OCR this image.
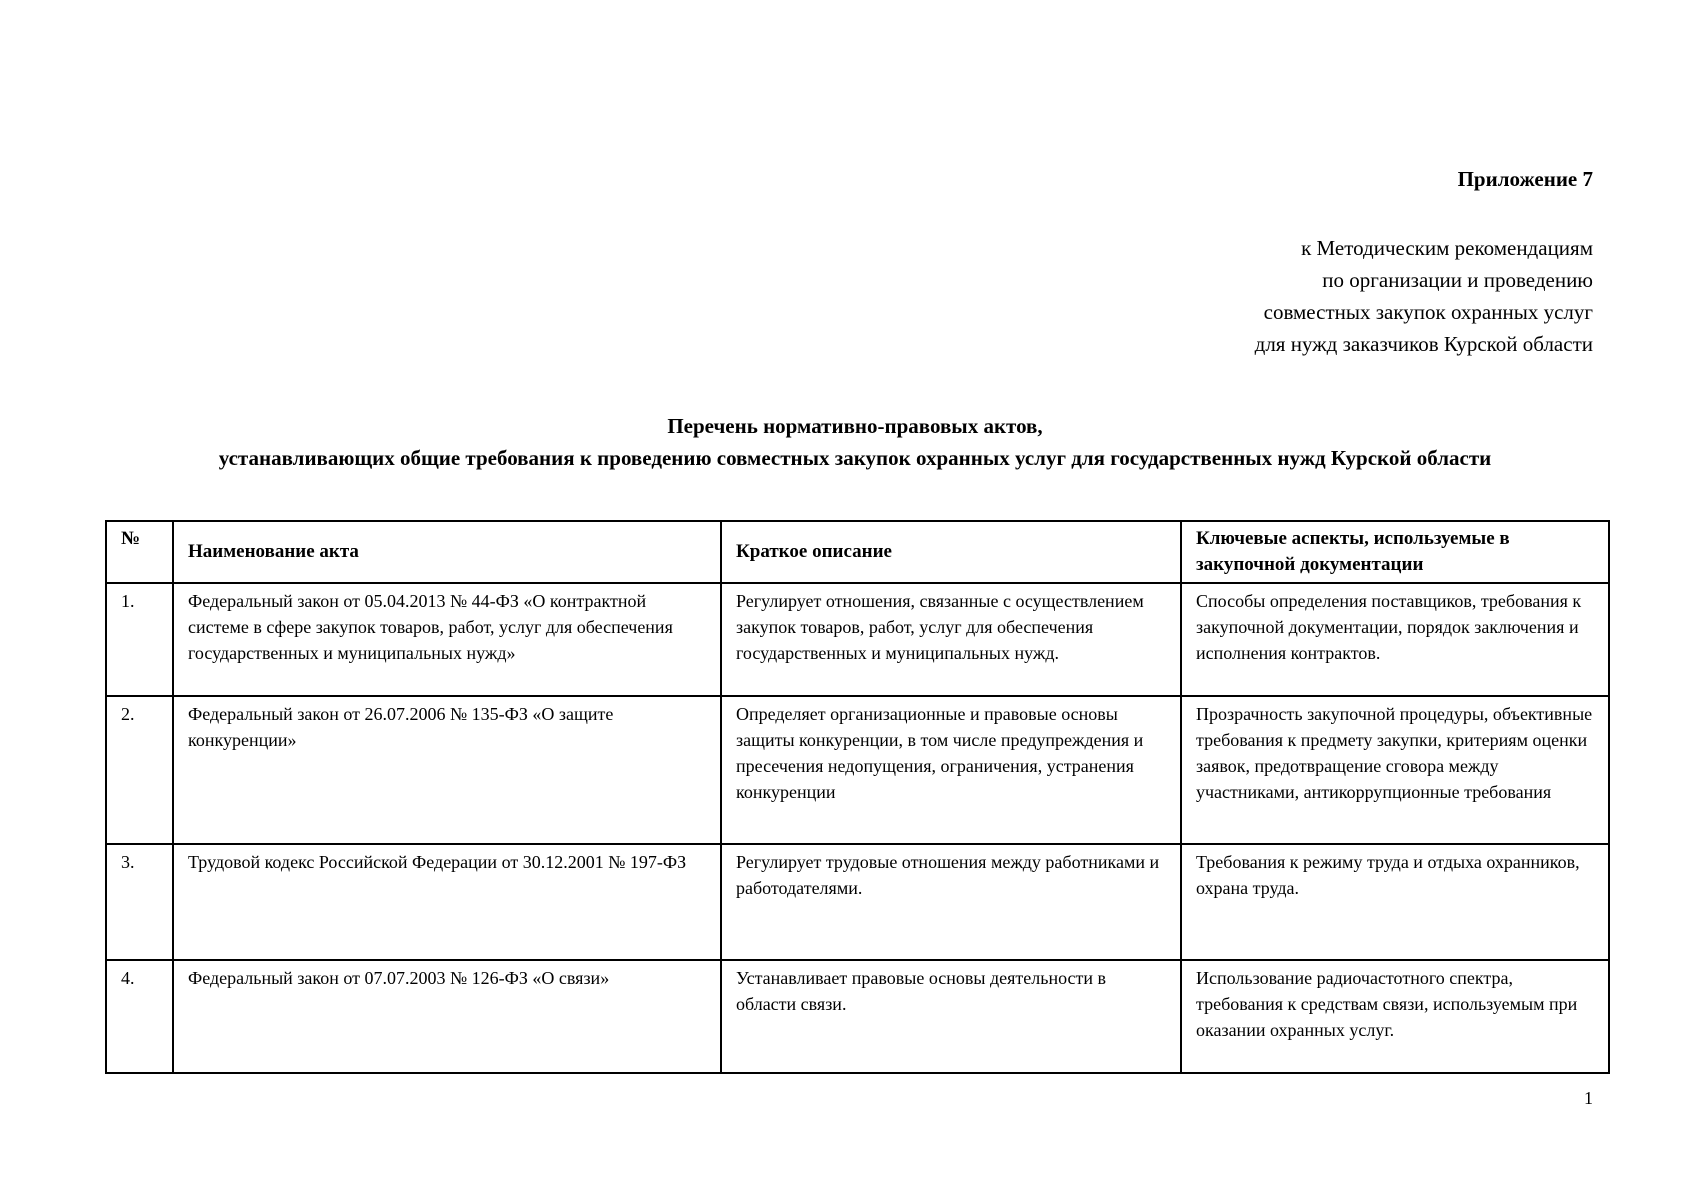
Приложение 7
к Методическим рекомендациям
по организации и проведению
совместных закупок охранных услуг
для нужд заказчиков Курской области
Перечень нормативно-правовых актов,
устанавливающих общие требования к проведению совместных закупок охранных услуг для государственных нужд Курской области
№	Наименование акта	Краткое описание	Ключевые аспекты, используемые в закупочной документации
1.	Федеральный закон от 05.04.2013 № 44-ФЗ «О контрактной системе в сфере закупок товаров, работ, услуг для обеспечения государственных и муниципальных нужд»	Регулирует отношения, связанные с осуществлением закупок товаров, работ, услуг для обеспечения государственных и муниципальных нужд.	Способы определения поставщиков, требования к закупочной документации, порядок заключения и исполнения контрактов.
2.	Федеральный закон от 26.07.2006 № 135-ФЗ «О защите конкуренции»	Определяет организационные и правовые основы защиты конкуренции, в том числе предупреждения и пресечения недопущения, ограничения, устранения конкуренции	Прозрачность закупочной процедуры, объективные требования к предмету закупки, критериям оценки заявок, предотвращение сговора между участниками, антикоррупционные требования
3.	Трудовой кодекс Российской Федерации от 30.12.2001 № 197-ФЗ	Регулирует трудовые отношения между работниками и работодателями.	Требования к режиму труда и отдыха охранников, охрана труда.
4.	Федеральный закон от 07.07.2003 № 126-ФЗ «О связи»	Устанавливает правовые основы деятельности в области связи.	Использование радиочастотного спектра, требования к средствам связи, используемым при оказании охранных услуг.
1
